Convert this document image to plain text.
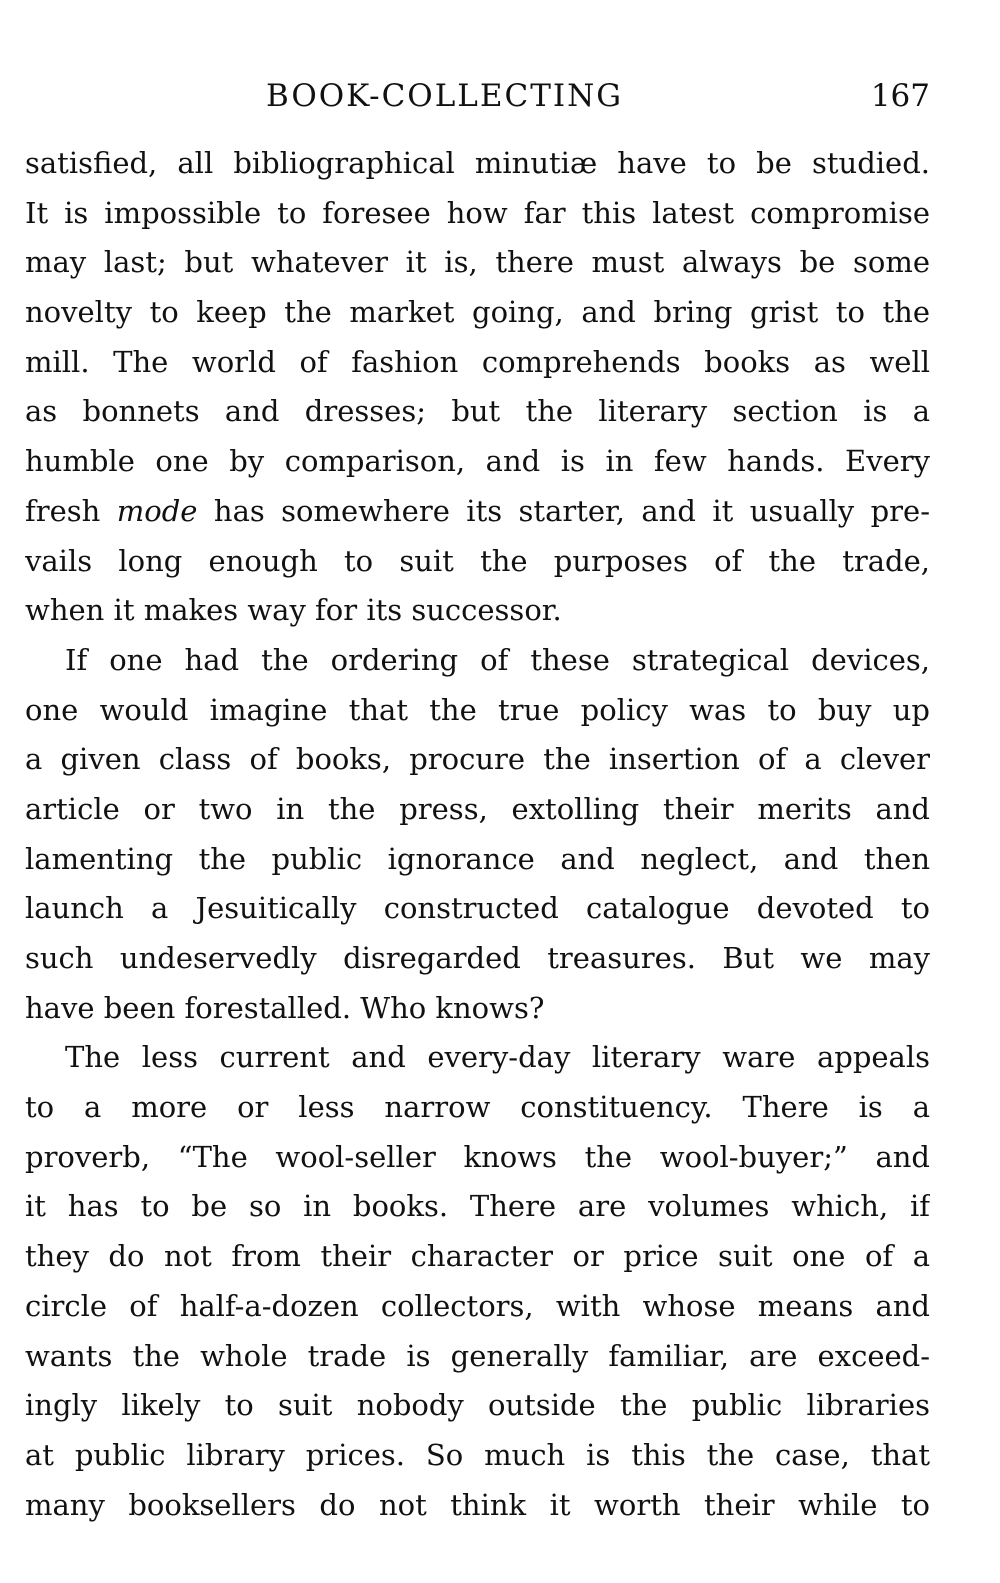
BOOK-COLLECTING	167
satisfied, all bibliographical minutiæ have to be studied.
It is impossible to foresee how far this latest compromise
may last; but whatever it is, there must always be some
novelty to keep the market going, and bring grist to the
mill. The world of fashion comprehends books as well
as bonnets and dresses; but the literary section is a
humble one by comparison, and is in few hands. Every
fresh mode has somewhere its starter, and it usually pre-
vails long enough to suit the purposes of the trade,
when it makes way for its successor.
If one had the ordering of these strategical devices,
one would imagine that the true policy was to buy up
a given class of books, procure the insertion of a clever
article or two in the press, extolling their merits and
lamenting the public ignorance and neglect, and then
launch a Jesuitically constructed catalogue devoted to
such undeservedly disregarded treasures. But we may
have been forestalled. Who knows?
The less current and every-day literary ware appeals
to a more or less narrow constituency. There is a
proverb, “The wool-seller knows the wool-buyer;” and
it has to be so in books. There are volumes which, if
they do not from their character or price suit one of a
circle of half-a-dozen collectors, with whose means and
wants the whole trade is generally familiar, are exceed-
ingly likely to suit nobody outside the public libraries
at public library prices. So much is this the case, that
many booksellers do not think it worth their while to
